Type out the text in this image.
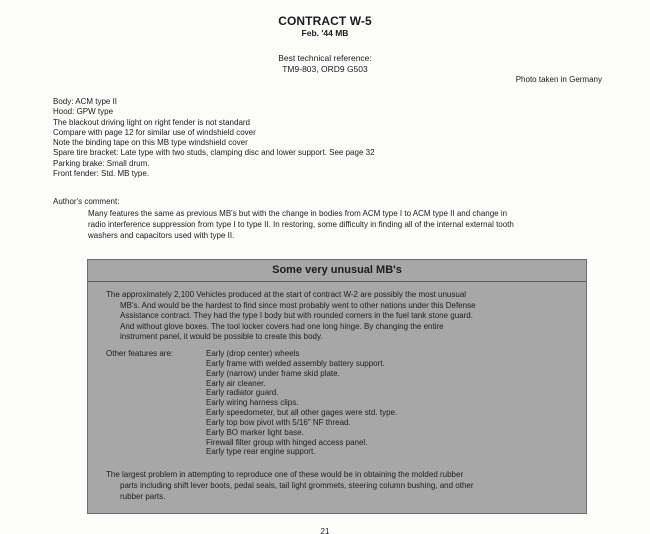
CONTRACT W-5
Feb. '44 MB
Best technical reference:
TM9-803, ORD9 G503
Photo taken in Germany
Body: ACM type II
Hood: GPW type
The blackout driving light on right fender is not standard
Compare with page 12 for similar use of windshield cover
Note the binding tape on this MB type windshield cover
Spare tire bracket: Late type with two studs, clamping disc and lower support. See page 32
Parking brake: Small drum.
Front fender: Std. MB type.
Author's comment:
Many features the same as previous MB's but with the change in bodies from ACM type I to ACM type II and change in
radio interference suppression from type I to type II. In restoring, some difficulty in finding all of the internal external tooth
washers and capacitors used with type II.
Some very unusual MB's
The approximately 2,100 Vehicles produced at the start of contract W-2 are possibly the most unusual
MB's. And would be the hardest to find since most probably went to other nations under this Defense
Assistance contract. They had the type I body but with rounded corners in the fuel tank stone guard.
And without glove boxes. The tool locker covers had one long hinge. By changing the entire
instrument panel, it would be possible to create this body.
Other features are:	Early (drop center) wheels
Early frame with welded assembly battery support.
Early (narrow) under frame skid plate.
Early air cleaner.
Early radiator guard.
Early wiring harness clips.
Early speedometer, but all other gages were std. type.
Early top bow pivot with 5/16" NF thread.
Early BO marker light base.
Firewall filter group with hinged access panel.
Early type rear engine support.
The largest problem in attempting to reproduce one of these would be in obtaining the molded rubber
parts including shift lever boots, pedal seals, tail light grommets, steering column bushing, and other
rubber parts.
21
